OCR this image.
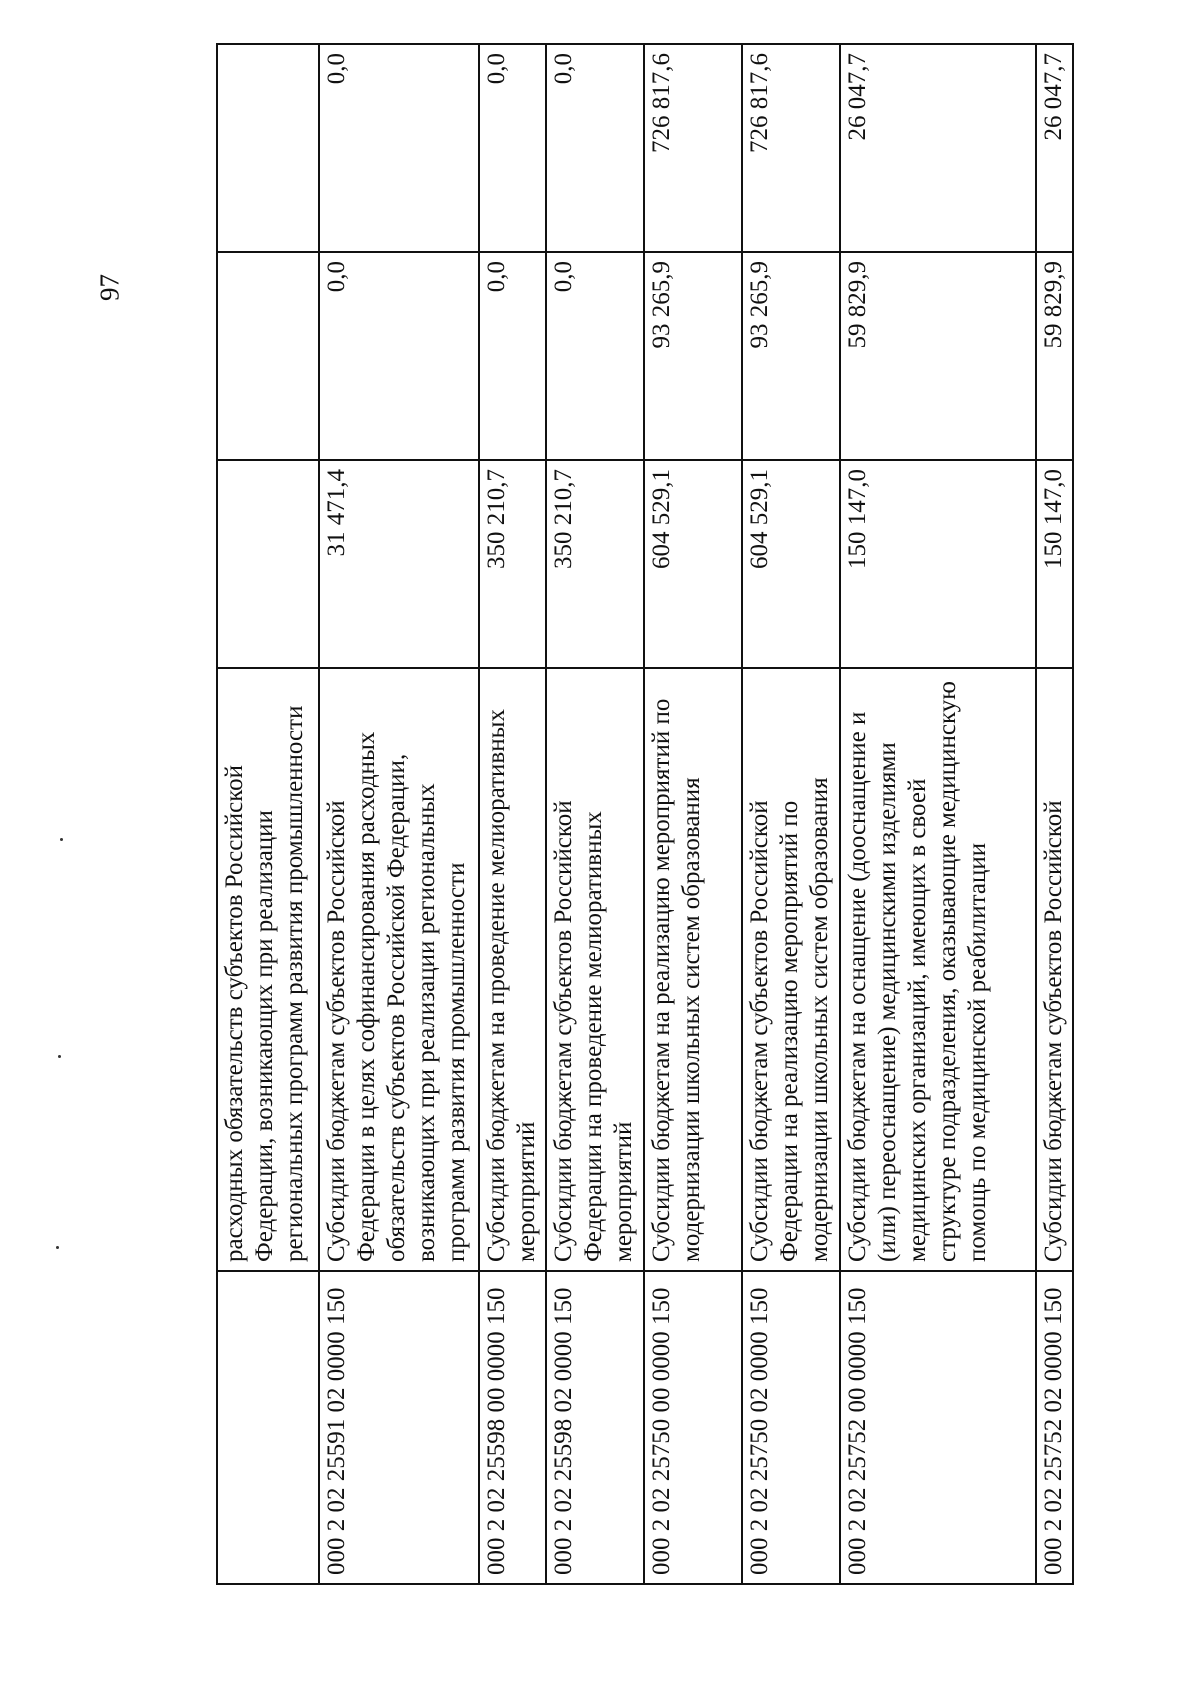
97
	расходных обязательств субъектов Российской Федерации, возникающих при реализации регионaльных программ развития промышленности			
000 2 02 25591 02 0000 150	Субсидии бюджетам субъектов Российской Федерации в целях софинансирования расходных обязательств субъектов Российской Федерации, возникающих при реализации региональных программ развития промышленности	31 471,4	0,0	0,0
000 2 02 25598 00 0000 150	Субсидии бюджетам на проведение мелиоративных мероприятий	350 210,7	0,0	0,0
000 2 02 25598 02 0000 150	Субсидии бюджетам субъектов Российской Федерации на проведение мелиоративных мероприятий	350 210,7	0,0	0,0
000 2 02 25750 00 0000 150	Субсидии бюджетам на реализацию мероприятий по модернизации школьных систем образования	604 529,1	93 265,9	726 817,6
000 2 02 25750 02 0000 150	Субсидии бюджетам субъектов Российской Федерации на реализацию мероприятий по модернизации школьных систем образования	604 529,1	93 265,9	726 817,6
000 2 02 25752 00 0000 150	Субсидии бюджетам на оснащение (дооснащение и (или) переоснащение) медицинскими изделиями медицинских организаций, имеющих в своей структуре подразделения, оказывающие медицинскую помощь по медицинской реабилитации	150 147,0	59 829,9	26 047,7
000 2 02 25752 02 0000 150	Субсидии бюджетам субъектов Российской	150 147,0	59 829,9	26 047,7
